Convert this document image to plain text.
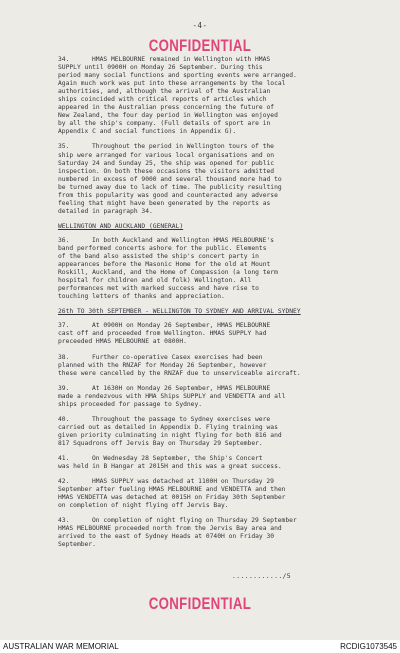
-4-
CONFIDENTIAL
34.	HMAS MELBOURNE remained in Wellington with HMAS
SUPPLY until 0900H on Monday 26 September. During this
period many social functions and sporting events were arranged.
Again much work was put into these arrangements by the local
authorities, and, although the arrival of the Australian
ships coincided with critical reports of articles which
appeared in the Australian press concerning the future of
New Zealand, the four day period in Wellington was enjoyed
by all the ship's company. (Full details of sport are in
Appendix C and social functions in Appendix G).
35.	Throughout the period in Wellington tours of the
ship were arranged for various local organisations and on
Saturday 24 and Sunday 25, the ship was opened for public
inspection. On both these occasions the visitors admitted
numbered in excess of 9000 and several thousand more had to
be turned away due to lack of time. The publicity resulting
from this popularity was good and counteracted any adverse
feeling that might have been generated by the reports as
detailed in paragraph 34.
WELLINGTON AND AUCKLAND (GENERAL)
36.	In both Auckland and Wellington HMAS MELBOURNE's
band performed concerts ashore for the public. Elements
of the band also assisted the ship's concert party in
appearances before the Masonic Home for the old at Mount
Roskill, Auckland, and the Home of Compassion (a long term
hospital for children and old folk) Wellington. All
performances met with marked success and have rise to
touching letters of thanks and appreciation.
26th TO 30th SEPTEMBER - WELLINGTON TO SYDNEY AND ARRIVAL SYDNEY
37.	At 0900H on Monday 26 September, HMAS MELBOURNE
cast off and proceeded from Wellington. HMAS SUPPLY had
preceeded HMAS MELBOURNE at 0800H.
38.	Further co-operative Casex exercises had been
planned with the RNZAF for Monday 26 September, however
these were cancelled by the RNZAF due to unserviceable aircraft.
39.	At 1630H on Monday 26 September, HMAS MELBOURNE
made a rendezvous with HMA Ships SUPPLY and VENDETTA and all
ships proceeded for passage to Sydney.
40.	Throughout the passage to Sydney exercises were
carried out as detailed in Appendix D. Flying training was
given priority culminating in night flying for both 816 and
817 Squadrons off Jervis Bay on Thursday 29 September.
41.	On Wednesday 28 September, the Ship's Concert
was held in B Hangar at 2015H and this was a great success.
42.	HMAS SUPPLY was detached at 1100H on Thursday 29
September after fueling HMAS MELBOURNE and VENDETTA and then
HMAS VENDETTA was detached at 0015H on Friday 30th September
on completion of night flying off Jervis Bay.
43.	On completion of night flying on Thursday 29 September
HMAS MELBOURNE proceeded north from the Jervis Bay area and
arrived to the east of Sydney Heads at 0740H on Friday 30
September.
............/5
CONFIDENTIAL
AUSTRALIAN WAR MEMORIAL	RCDIG1073545
